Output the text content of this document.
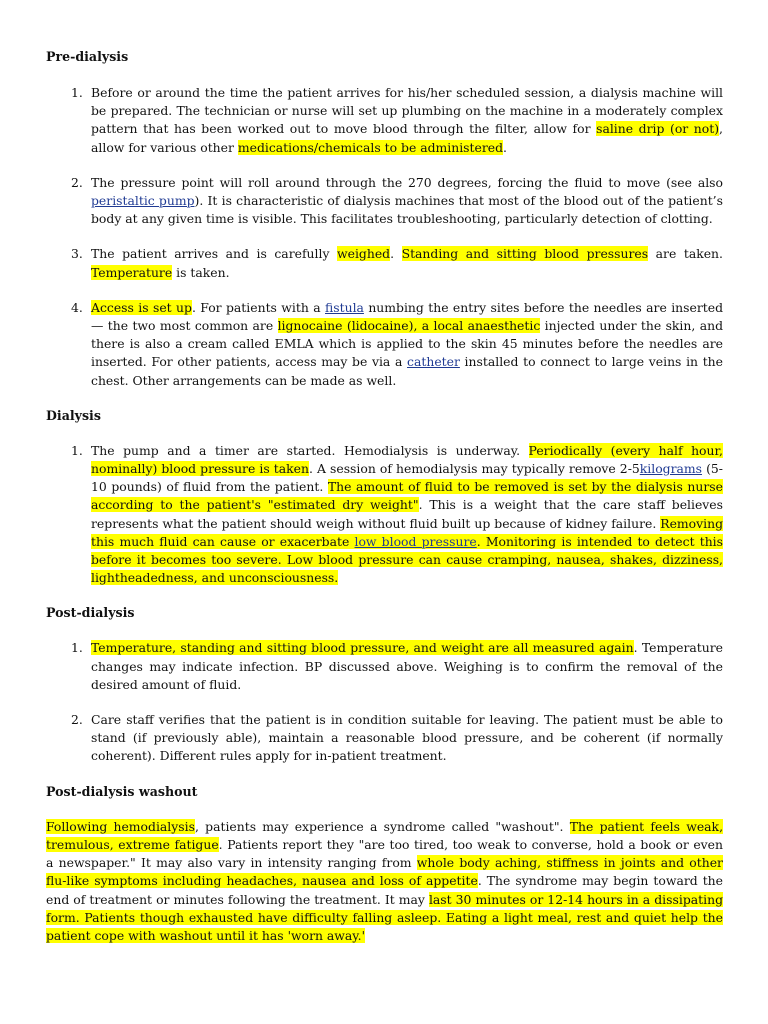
Pre-dialysis
1. Before or around the time the patient arrives for his/her scheduled session, a dialysis machine will be prepared. The technician or nurse will set up plumbing on the machine in a moderately complex pattern that has been worked out to move blood through the filter, allow for saline drip (or not), allow for various other medications/chemicals to be administered.
2. The pressure point will roll around through the 270 degrees, forcing the fluid to move (see also peristaltic pump). It is characteristic of dialysis machines that most of the blood out of the patient’s body at any given time is visible. This facilitates troubleshooting, particularly detection of clotting.
3. The patient arrives and is carefully weighed. Standing and sitting blood pressures are taken. Temperature is taken.
4. Access is set up. For patients with a fistula numbing the entry sites before the needles are inserted — the two most common are lignocaine (lidocaine), a local anaesthetic injected under the skin, and there is also a cream called EMLA which is applied to the skin 45 minutes before the needles are inserted. For other patients, access may be via a catheter installed to connect to large veins in the chest. Other arrangements can be made as well.
Dialysis
1. The pump and a timer are started. Hemodialysis is underway. Periodically (every half hour, nominally) blood pressure is taken. A session of hemodialysis may typically remove 2-5kilograms (5-10 pounds) of fluid from the patient. The amount of fluid to be removed is set by the dialysis nurse according to the patient's "estimated dry weight". This is a weight that the care staff believes represents what the patient should weigh without fluid built up because of kidney failure. Removing this much fluid can cause or exacerbate low blood pressure. Monitoring is intended to detect this before it becomes too severe. Low blood pressure can cause cramping, nausea, shakes, dizziness, lightheadedness, and unconsciousness.
Post-dialysis
1. Temperature, standing and sitting blood pressure, and weight are all measured again. Temperature changes may indicate infection. BP discussed above. Weighing is to confirm the removal of the desired amount of fluid.
2. Care staff verifies that the patient is in condition suitable for leaving. The patient must be able to stand (if previously able), maintain a reasonable blood pressure, and be coherent (if normally coherent). Different rules apply for in-patient treatment.
Post-dialysis washout
Following hemodialysis, patients may experience a syndrome called "washout". The patient feels weak, tremulous, extreme fatigue. Patients report they "are too tired, too weak to converse, hold a book or even a newspaper." It may also vary in intensity ranging from whole body aching, stiffness in joints and other flu-like symptoms including headaches, nausea and loss of appetite. The syndrome may begin toward the end of treatment or minutes following the treatment. It may last 30 minutes or 12-14 hours in a dissipating form. Patients though exhausted have difficulty falling asleep. Eating a light meal, rest and quiet help the patient cope with washout until it has 'worn away.'
